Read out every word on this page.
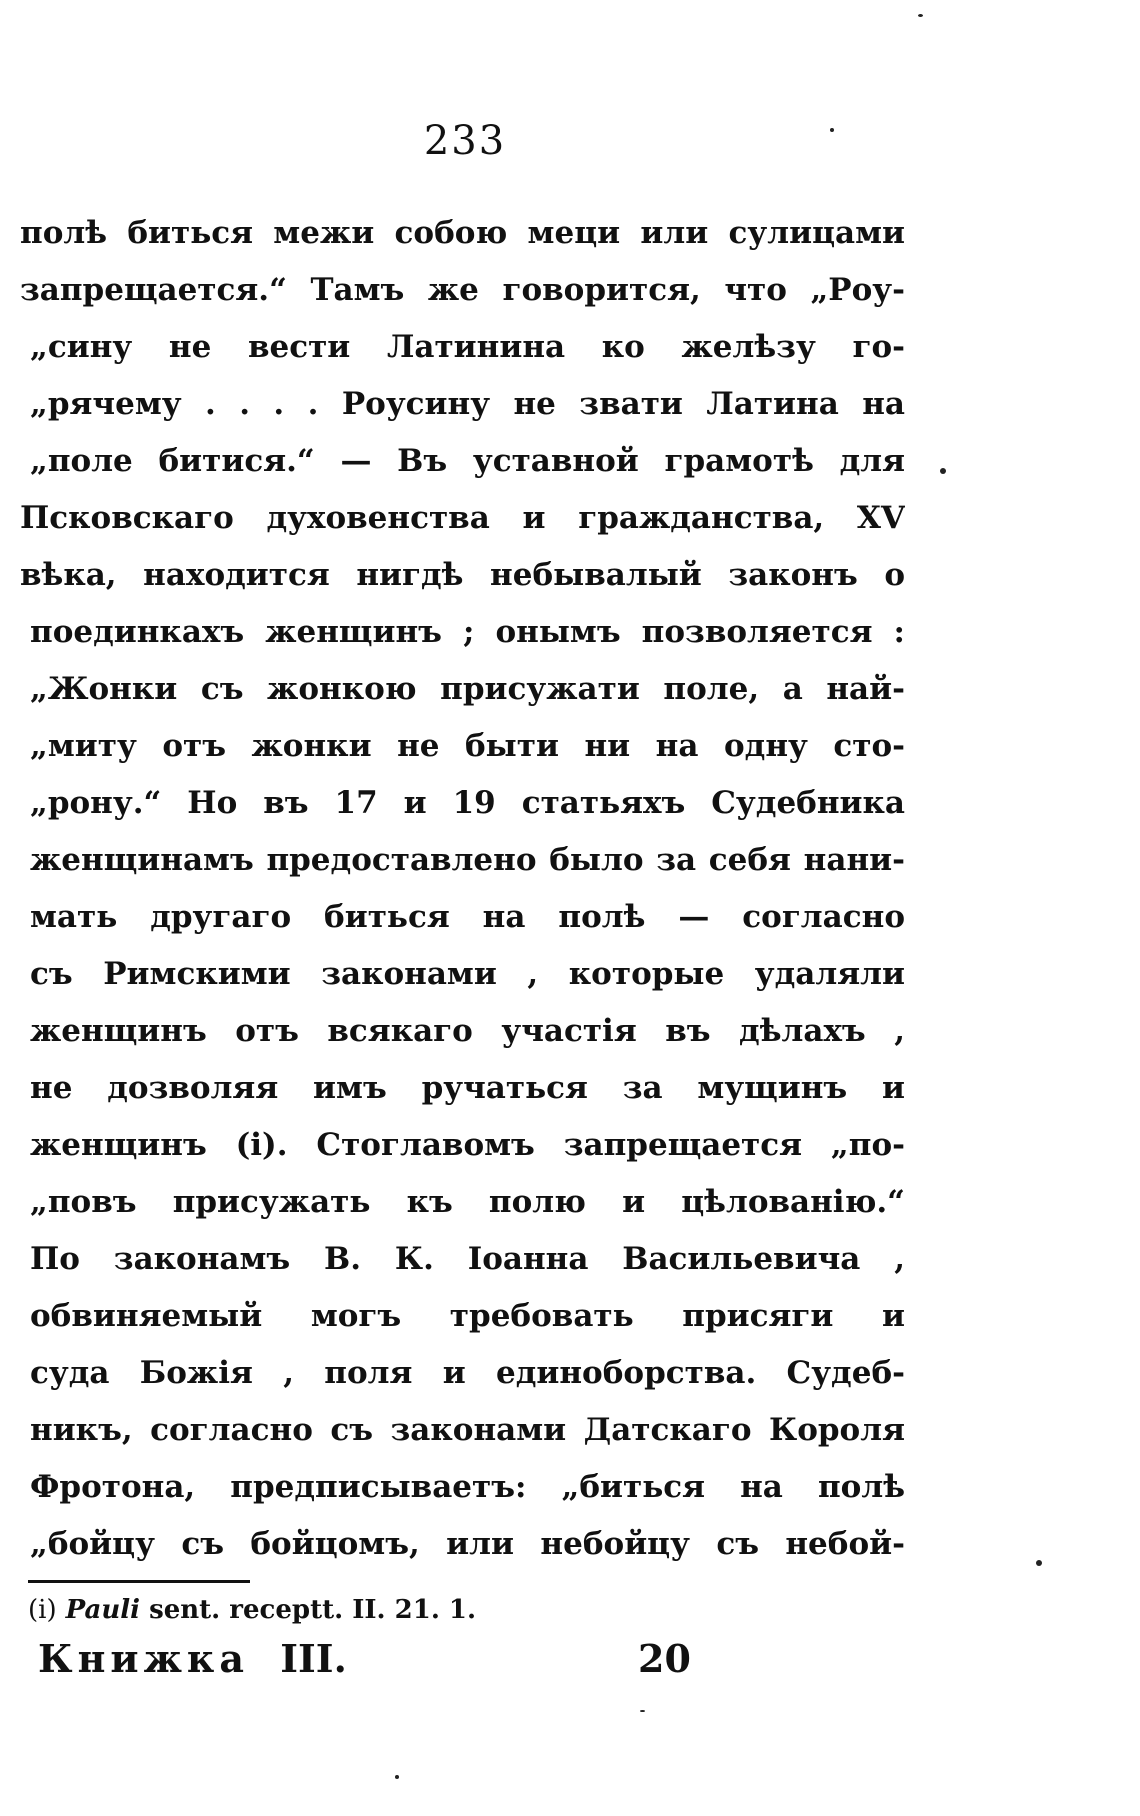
233
полѣ биться межи собою меци или сулицами
запрещается.“ Тамъ же говорится, что „Роу-
„сину не вести Латинина ко желѣзу го-
„рячему . . . . Роусину не звати Латина на
„поле битися.“ — Въ уставной грамотѣ для
Псковскаго духовенства и гражданства, XV
вѣка, находится нигдѣ небывалый законъ о
поединкахъ женщинъ ; онымъ позволяется :
„Жонки съ жонкою присужати поле, а най-
„миту отъ жонки не быти ни на одну сто-
„рону.“ Но въ 17 и 19 статьяхъ Судебника
женщинамъ предоставлено было за себя нани-
мать другаго биться на полѣ — согласно
съ Римскими законами , которые удаляли
женщинъ отъ всякаго участія въ дѣлахъ ,
не дозволяя имъ ручаться за мущинъ и
женщинъ (і). Стоглавомъ запрещается „по-
„повъ присужать къ полю и цѣлованію.“
По законамъ В. К. Іоанна Васильевича ,
обвиняемый могъ требовать присяги и
суда Божія , поля и единоборства. Судеб-
никъ, согласно съ законами Датскаго Короля
Фротона, предписываетъ: „биться на полѣ
„бойцу съ бойцомъ, или небойцу съ небой-
(і) Pauli sent. receptt. II. 21. 1.
Книжка III.	20
